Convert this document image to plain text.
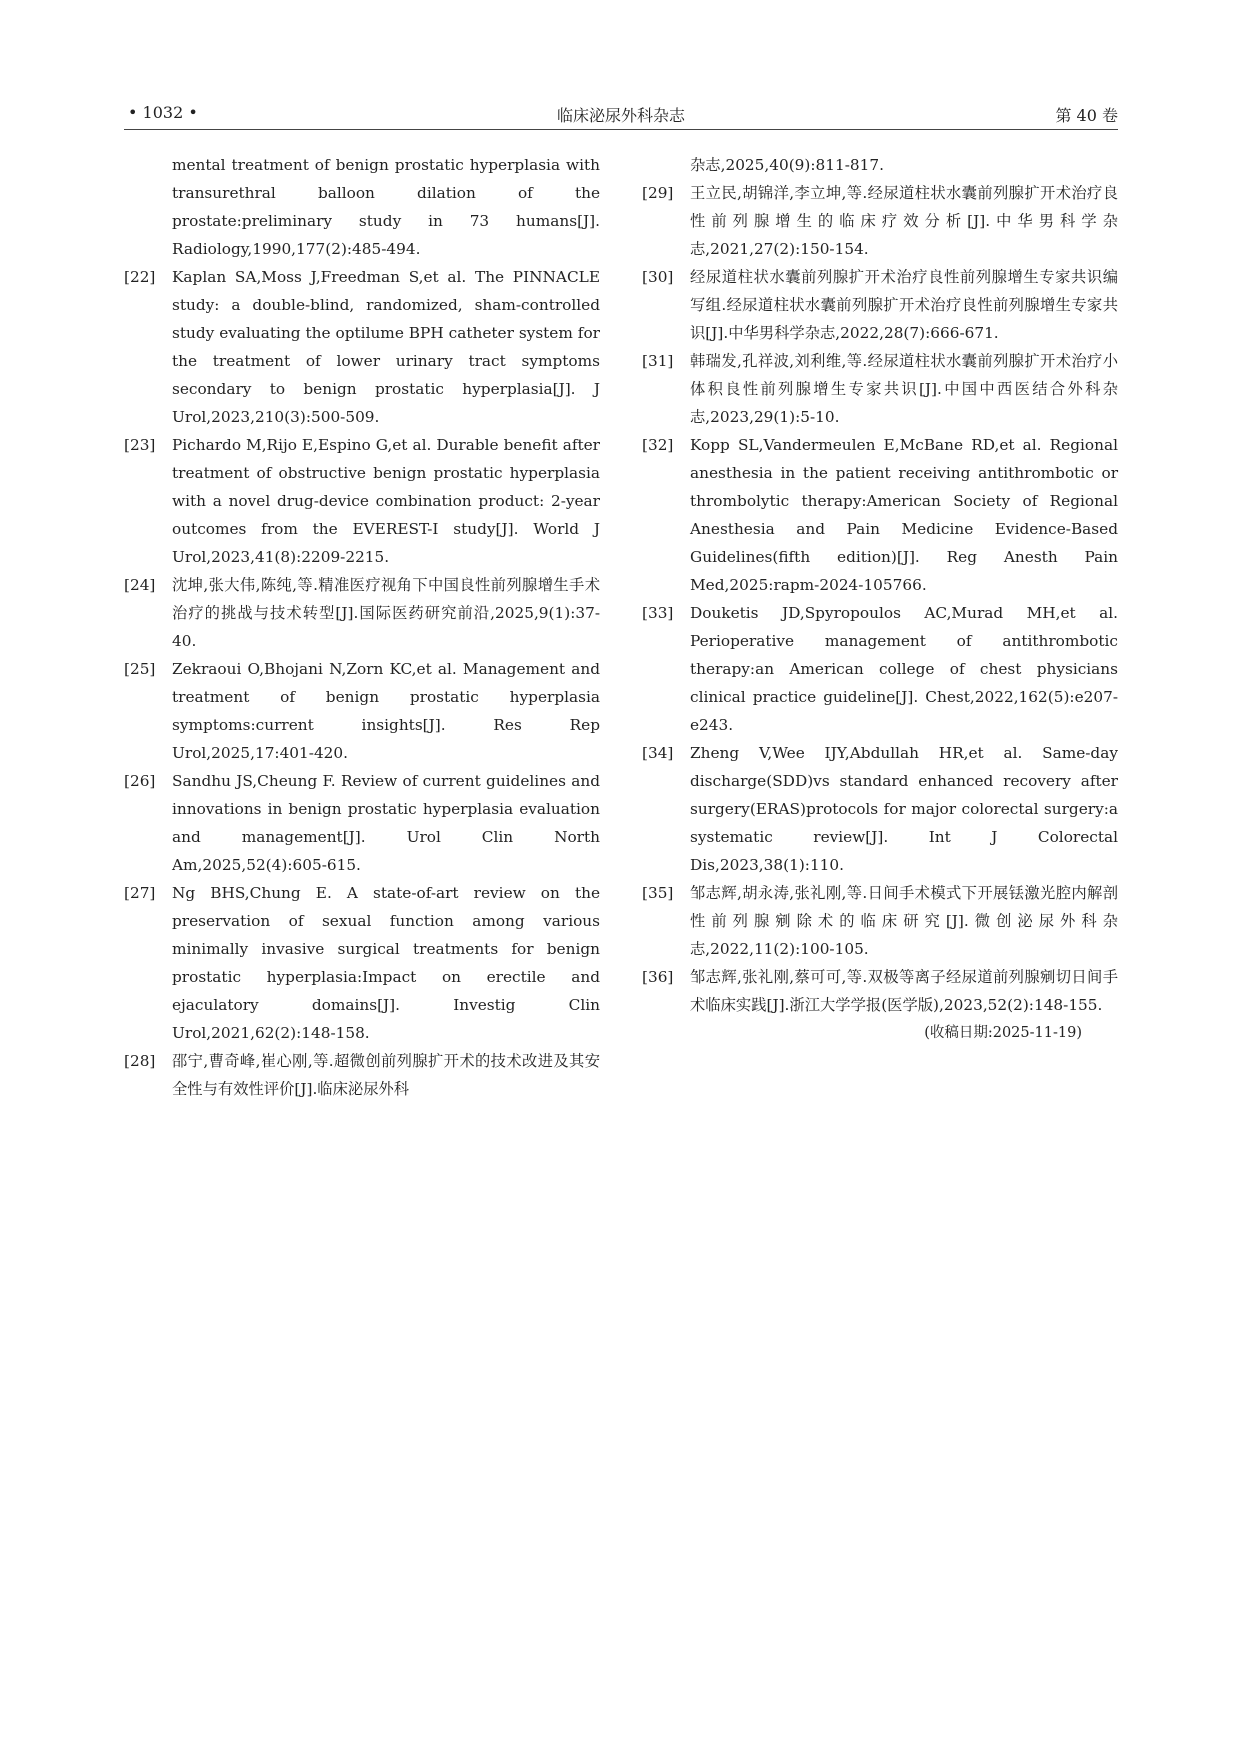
• 1032 •	临床泌尿外科杂志	第 40 卷
mental treatment of benign prostatic hyperplasia with transurethral balloon dilation of the prostate:preliminary study in 73 humans[J]. Radiology,1990,177(2):485-494.
[22] Kaplan SA,Moss J,Freedman S,et al. The PINNACLE study: a double-blind, randomized, sham-controlled study evaluating the optilume BPH catheter system for the treatment of lower urinary tract symptoms secondary to benign prostatic hyperplasia[J]. J Urol,2023,210(3):500-509.
[23] Pichardo M,Rijo E,Espino G,et al. Durable benefit after treatment of obstructive benign prostatic hyperplasia with a novel drug-device combination product: 2-year outcomes from the EVEREST-I study[J]. World J Urol,2023,41(8):2209-2215.
[24] 沈坤,张大伟,陈纯,等.精准医疗视角下中国良性前列腺增生手术治疗的挑战与技术转型[J].国际医药研究前沿,2025,9(1):37-40.
[25] Zekraoui O,Bhojani N,Zorn KC,et al. Management and treatment of benign prostatic hyperplasia symptoms:current insights[J]. Res Rep Urol,2025,17:401-420.
[26] Sandhu JS,Cheung F. Review of current guidelines and innovations in benign prostatic hyperplasia evaluation and management[J]. Urol Clin North Am,2025,52(4):605-615.
[27] Ng BHS,Chung E. A state-of-art review on the preservation of sexual function among various minimally invasive surgical treatments for benign prostatic hyperplasia:Impact on erectile and ejaculatory domains[J]. Investig Clin Urol,2021,62(2):148-158.
[28] 邵宁,曹奇峰,崔心刚,等.超微创前列腺扩开术的技术改进及其安全性与有效性评价[J].临床泌尿外科
杂志,2025,40(9):811-817.
[29] 王立民,胡锦洋,李立坤,等.经尿道柱状水囊前列腺扩开术治疗良性前列腺增生的临床疗效分析[J].中华男科学杂志,2021,27(2):150-154.
[30] 经尿道柱状水囊前列腺扩开术治疗良性前列腺增生专家共识编写组.经尿道柱状水囊前列腺扩开术治疗良性前列腺增生专家共识[J].中华男科学杂志,2022,28(7):666-671.
[31] 韩瑞发,孔祥波,刘利维,等.经尿道柱状水囊前列腺扩开术治疗小体积良性前列腺增生专家共识[J].中国中西医结合外科杂志,2023,29(1):5-10.
[32] Kopp SL,Vandermeulen E,McBane RD,et al. Regional anesthesia in the patient receiving antithrombotic or thrombolytic therapy:American Society of Regional Anesthesia and Pain Medicine Evidence-Based Guidelines(fifth edition)[J]. Reg Anesth Pain Med,2025:rapm-2024-105766.
[33] Douketis JD,Spyropoulos AC,Murad MH,et al. Perioperative management of antithrombotic therapy:an American college of chest physicians clinical practice guideline[J]. Chest,2022,162(5):e207-e243.
[34] Zheng V,Wee IJY,Abdullah HR,et al. Same-day discharge(SDD)vs standard enhanced recovery after surgery(ERAS)protocols for major colorectal surgery:a systematic review[J]. Int J Colorectal Dis,2023,38(1):110.
[35] 邹志辉,胡永涛,张礼刚,等.日间手术模式下开展铥激光腔内解剖性前列腺剜除术的临床研究[J].微创泌尿外科杂志,2022,11(2):100-105.
[36] 邹志辉,张礼刚,蔡可可,等.双极等离子经尿道前列腺剜切日间手术临床实践[J].浙江大学学报(医学版),2023,52(2):148-155.
(收稿日期:2025-11-19)
